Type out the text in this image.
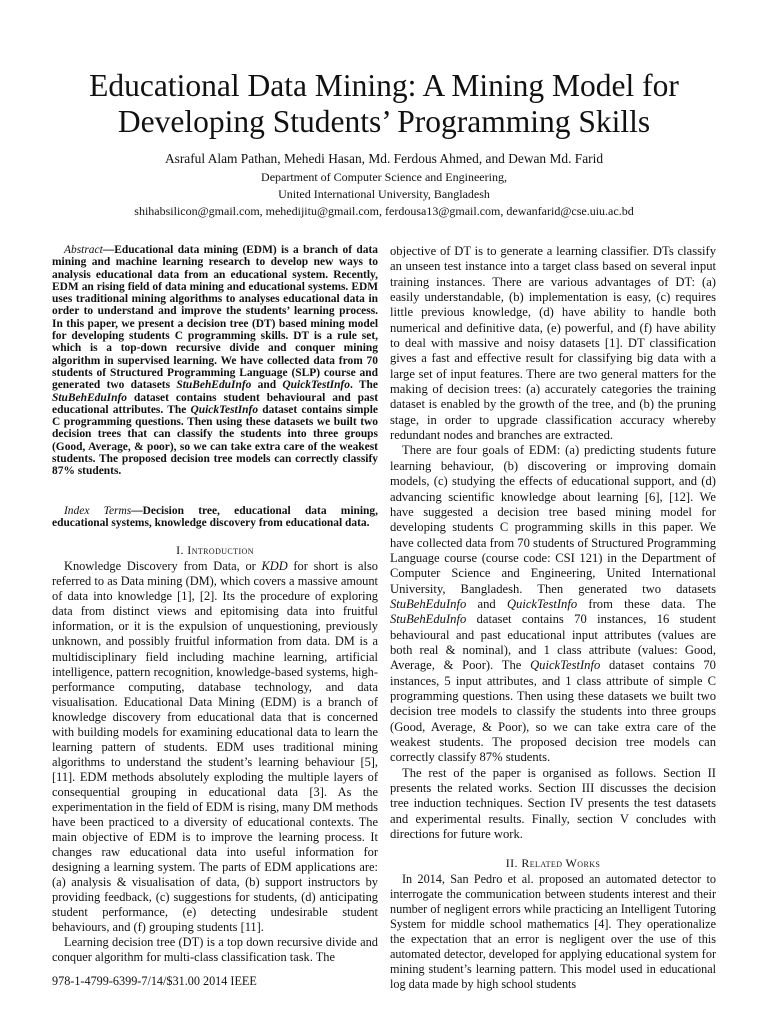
Educational Data Mining: A Mining Model for
Developing Students’ Programming Skills
Asraful Alam Pathan, Mehedi Hasan, Md. Ferdous Ahmed, and Dewan Md. Farid
Department of Computer Science and Engineering,
United International University, Bangladesh
shihabsilicon@gmail.com, mehedijitu@gmail.com, ferdousa13@gmail.com, dewanfarid@cse.uiu.ac.bd

Abstract—Educational data mining (EDM) is a branch of data mining and machine learning research to develop new ways to analysis educational data from an educational system. Recently, EDM an rising field of data mining and educational systems. EDM uses traditional mining algorithms to analyses educational data in order to understand and improve the students’ learning process. In this paper, we present a decision tree (DT) based mining model for developing students C programming skills. DT is a rule set, which is a top-down recursive divide and conquer mining algorithm in supervised learning. We have collected data from 70 students of Structured Programming Language (SLP) course and generated two datasets StuBehEduInfo and QuickTestInfo. The StuBehEduInfo dataset contains student behavioural and past educational attributes. The QuickTestInfo dataset contains simple C programming questions. Then using these datasets we built two decision trees that can classify the students into three groups (Good, Average, & poor), so we can take extra care of the weakest students. The proposed decision tree models can correctly classify 87% students.

Index Terms—Decision tree, educational data mining, educational systems, knowledge discovery from educational data.

I. Introduction

Knowledge Discovery from Data, or KDD for short is also referred to as Data mining (DM), which covers a massive amount of data into knowledge [1], [2]. Its the procedure of exploring data from distinct views and epitomising data into fruitful information, or it is the expulsion of unquestioning, previously unknown, and possibly fruitful information from data. DM is a multidisciplinary field including machine learning, artificial intelligence, pattern recognition, knowledge-based systems, high-performance computing, database technology, and data visualisation. Educational Data Mining (EDM) is a branch of knowledge discovery from educational data that is concerned with building models for examining educational data to learn the learning pattern of students. EDM uses traditional mining algorithms to understand the student’s learning behaviour [5], [11]. EDM methods absolutely exploding the multiple layers of consequential grouping in educational data [3]. As the experimentation in the field of EDM is rising, many DM methods have been practiced to a diversity of educational contexts. The main objective of EDM is to improve the learning process. It changes raw educational data into useful information for designing a learning system. The parts of EDM applications are: (a) analysis & visualisation of data, (b) support instructors by providing feedback, (c) suggestions for students, (d) anticipating student performance, (e) detecting undesirable student behaviours, and (f) grouping students [11].

Learning decision tree (DT) is a top down recursive divide and conquer algorithm for multi-class classification task. The

objective of DT is to generate a learning classifier. DTs classify an unseen test instance into a target class based on several input training instances. There are various advantages of DT: (a) easily understandable, (b) implementation is easy, (c) requires little previous knowledge, (d) have ability to handle both numerical and definitive data, (e) powerful, and (f) have ability to deal with massive and noisy datasets [1]. DT classification gives a fast and effective result for classifying big data with a large set of input features. There are two general matters for the making of decision trees: (a) accurately categories the training dataset is enabled by the growth of the tree, and (b) the pruning stage, in order to upgrade classification accuracy whereby redundant nodes and branches are extracted.

There are four goals of EDM: (a) predicting students future learning behaviour, (b) discovering or improving domain models, (c) studying the effects of educational support, and (d) advancing scientific knowledge about learning [6], [12]. We have suggested a decision tree based mining model for developing students C programming skills in this paper. We have collected data from 70 students of Structured Programming Language course (course code: CSI 121) in the Department of Computer Science and Engineering, United International University, Bangladesh. Then generated two datasets StuBehEduInfo and QuickTestInfo from these data. The StuBehEduInfo dataset contains 70 instances, 16 student behavioural and past educational input attributes (values are both real & nominal), and 1 class attribute (values: Good, Average, & Poor). The QuickTestInfo dataset contains 70 instances, 5 input attributes, and 1 class attribute of simple C programming questions. Then using these datasets we built two decision tree models to classify the students into three groups (Good, Average, & Poor), so we can take extra care of the weakest students. The proposed decision tree models can correctly classify 87% students.

The rest of the paper is organised as follows. Section II presents the related works. Section III discusses the decision tree induction techniques. Section IV presents the test datasets and experimental results. Finally, section V concludes with directions for future work.

II. Related Works

In 2014, San Pedro et al. proposed an automated detector to interrogate the communication between students interest and their number of negligent errors while practicing an Intelligent Tutoring System for middle school mathematics [4]. They operationalize the expectation that an error is negligent over the use of this automated detector, developed for applying educational system for mining student’s learning pattern. This model used in educational log data made by high school students

978-1-4799-6399-7/14/$31.00 2014 IEEE
